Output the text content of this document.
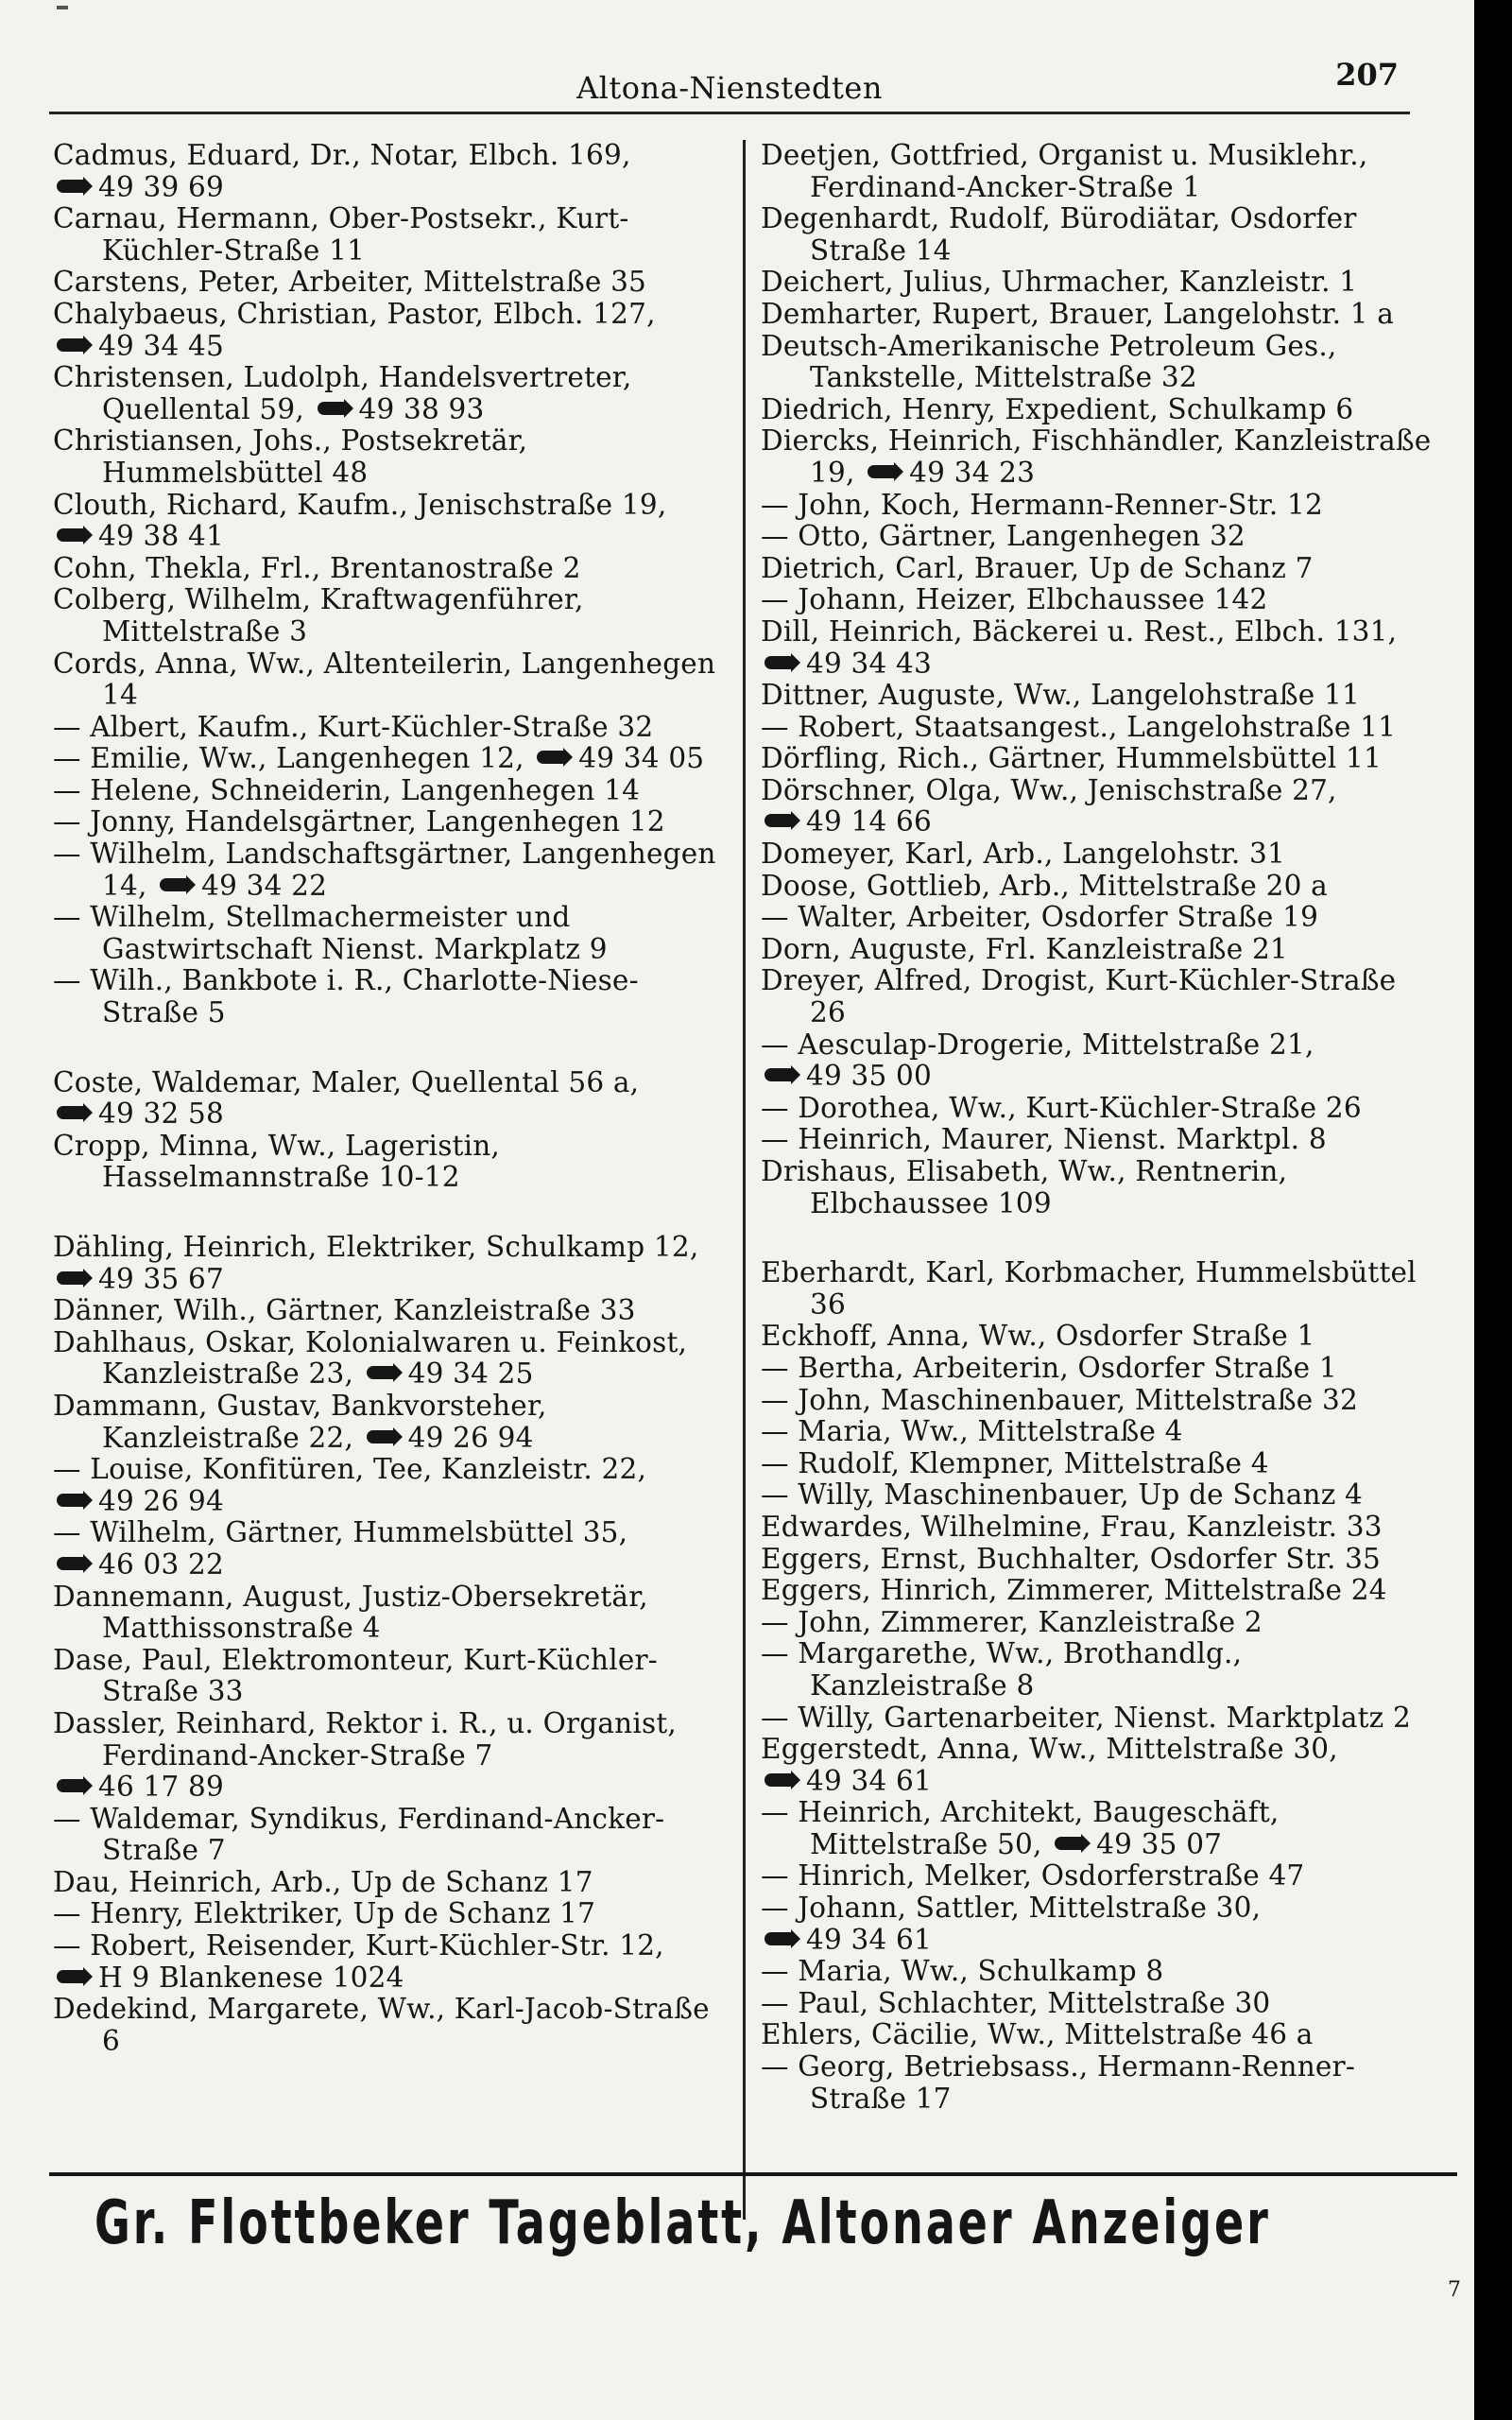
Altona-Nienstedten	207

Cadmus, Eduard, Dr., Notar, Elbch. 169,

49 39 69

Carnau, Hermann, Ober-Postsekr., Kurt-Küchler-Straße 11

Carstens, Peter, Arbeiter, Mittelstraße 35

Chalybaeus, Christian, Pastor, Elbch. 127,

49 34 45

Christensen, Ludolph, Handelsvertreter, Quellental 59, 49 38 93

Christiansen, Johs., Postsekretär, Hummelsbüttel 48

Clouth, Richard, Kaufm., Jenischstraße 19,

49 38 41

Cohn, Thekla, Frl., Brentanostraße 2

Colberg, Wilhelm, Kraftwagenführer, Mittelstraße 3

Cords, Anna, Ww., Altenteilerin, Langenhegen 14

— Albert, Kaufm., Kurt-Küchler-Straße 32

— Emilie, Ww., Langenhegen 12, 49 34 05

— Helene, Schneiderin, Langenhegen 14

— Jonny, Handelsgärtner, Langenhegen 12

— Wilhelm, Landschaftsgärtner, Langenhegen 14, 49 34 22

— Wilhelm, Stellmachermeister und Gastwirtschaft Nienst. Markplatz 9

— Wilh., Bankbote i. R., Charlotte-Niese-Straße 5

Coste, Waldemar, Maler, Quellental 56 a,

49 32 58

Cropp, Minna, Ww., Lageristin, Hasselmannstraße 10-12

Dähling, Heinrich, Elektriker, Schulkamp 12,

49 35 67

Dänner, Wilh., Gärtner, Kanzleistraße 33

Dahlhaus, Oskar, Kolonialwaren u. Feinkost, Kanzleistraße 23, 49 34 25

Dammann, Gustav, Bankvorsteher, Kanzleistraße 22, 49 26 94

— Louise, Konfitüren, Tee, Kanzleistr. 22,

49 26 94

— Wilhelm, Gärtner, Hummelsbüttel 35,

46 03 22

Dannemann, August, Justiz-Obersekretär, Matthissonstraße 4

Dase, Paul, Elektromonteur, Kurt-Küchler-Straße 33

Dassler, Reinhard, Rektor i. R., u. Organist, Ferdinand-Ancker-Straße 7

46 17 89

— Waldemar, Syndikus, Ferdinand-Ancker-Straße 7

Dau, Heinrich, Arb., Up de Schanz 17

— Henry, Elektriker, Up de Schanz 17

— Robert, Reisender, Kurt-Küchler-Str. 12,

H 9 Blankenese 1024

Dedekind, Margarete, Ww., Karl-Jacob-Straße 6

Deetjen, Gottfried, Organist u. Musiklehr., Ferdinand-Ancker-Straße 1

Degenhardt, Rudolf, Bürodiätar, Osdorfer Straße 14

Deichert, Julius, Uhrmacher, Kanzleistr. 1

Demharter, Rupert, Brauer, Langelohstr. 1 a

Deutsch-Amerikanische Petroleum Ges., Tankstelle, Mittelstraße 32

Diedrich, Henry, Expedient, Schulkamp 6

Diercks, Heinrich, Fischhändler, Kanzleistraße 19, 49 34 23

— John, Koch, Hermann-Renner-Str. 12

— Otto, Gärtner, Langenhegen 32

Dietrich, Carl, Brauer, Up de Schanz 7

— Johann, Heizer, Elbchaussee 142

Dill, Heinrich, Bäckerei u. Rest., Elbch. 131,

49 34 43

Dittner, Auguste, Ww., Langelohstraße 11

— Robert, Staatsangest., Langelohstraße 11

Dörfling, Rich., Gärtner, Hummelsbüttel 11

Dörschner, Olga, Ww., Jenischstraße 27,

49 14 66

Domeyer, Karl, Arb., Langelohstr. 31

Doose, Gottlieb, Arb., Mittelstraße 20 a

— Walter, Arbeiter, Osdorfer Straße 19

Dorn, Auguste, Frl. Kanzleistraße 21

Dreyer, Alfred, Drogist, Kurt-Küchler-Straße 26

— Aesculap-Drogerie, Mittelstraße 21,

49 35 00

— Dorothea, Ww., Kurt-Küchler-Straße 26

— Heinrich, Maurer, Nienst. Marktpl. 8

Drishaus, Elisabeth, Ww., Rentnerin, Elbchaussee 109

Eberhardt, Karl, Korbmacher, Hummelsbüttel 36

Eckhoff, Anna, Ww., Osdorfer Straße 1

— Bertha, Arbeiterin, Osdorfer Straße 1

— John, Maschinenbauer, Mittelstraße 32

— Maria, Ww., Mittelstraße 4

— Rudolf, Klempner, Mittelstraße 4

— Willy, Maschinenbauer, Up de Schanz 4

Edwardes, Wilhelmine, Frau, Kanzleistr. 33

Eggers, Ernst, Buchhalter, Osdorfer Str. 35

Eggers, Hinrich, Zimmerer, Mittelstraße 24

— John, Zimmerer, Kanzleistraße 2

— Margarethe, Ww., Brothandlg., Kanzleistraße 8

— Willy, Gartenarbeiter, Nienst. Marktplatz 2

Eggerstedt, Anna, Ww., Mittelstraße 30,

49 34 61

— Heinrich, Architekt, Baugeschäft, Mittelstraße 50, 49 35 07

— Hinrich, Melker, Osdorferstraße 47

— Johann, Sattler, Mittelstraße 30,

49 34 61

— Maria, Ww., Schulkamp 8

— Paul, Schlachter, Mittelstraße 30

Ehlers, Cäcilie, Ww., Mittelstraße 46 a

— Georg, Betriebsass., Hermann-Renner-Straße 17

Gr. Flottbeker Tageblatt, Altonaer Anzeiger
7
